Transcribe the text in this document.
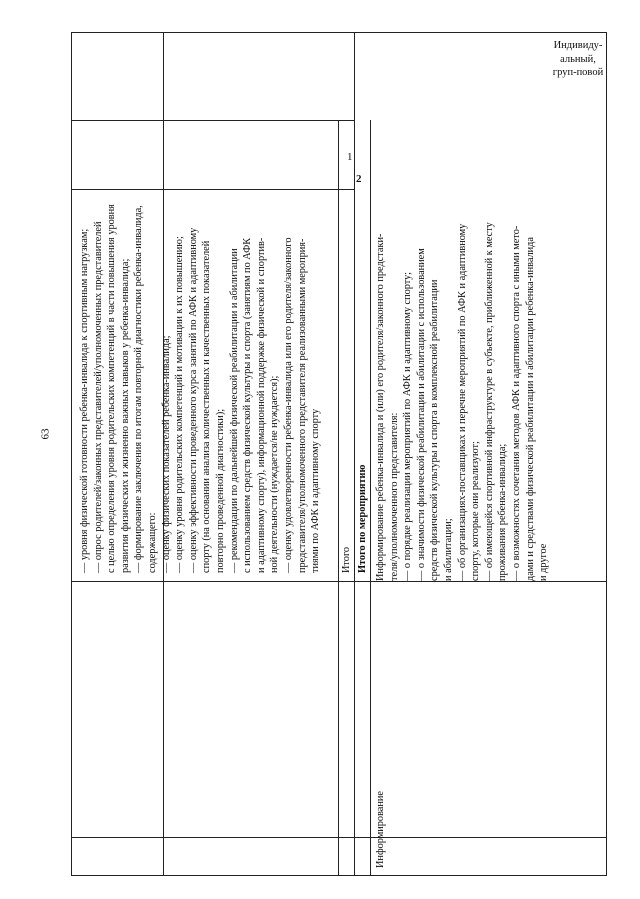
63	— уровня физической готовности ребенка-инвалида к спортивным нагрузкам; — опрос родителей/законных представителей/уполномоченных представителей с целью определения уровня родительских компетенций в части повышения уровня развития физических и жизненно важных навыков у ребенка-инвалида; — формирование заключения по итогам повторной диагностики ребенка-инвалида, содержащего: — оценку физических показателей ребенка-инвалида; — оценку уровня родительских компетенций и мотивации к их повышению; — оценку эффективности проведенного курса занятий по АФК и адаптивному спорту (на основании анализа количественных и качественных показателей повторно проведенной диагностики); — рекомендации по дальнейшей физической реабилитации и абилитации с использованием средств физической культуры и спорта (занятиям по АФК и адаптивному спорту), информационной поддержке физической и спортив- ной деятельности (нуждается/не нуждается); — оценку удовлетворенности ребенка-инвалида или его родителя/законного представителя/уполномоченного представителя реализованными мероприя- тиями по АФК и адаптивному спорту Итого Итого по мероприятию
1
2
Информирование

Информирование ребенка-инвалида и (или) его родителя/законного предстаки- теля/уполномоченного представителя: — о порядке реализации мероприятий по АФК и адаптивному спорту; — о значимости физической реабилитации и абилитации с использованием средств физической культуры и спорта в комплексной реабилитации и абилитации; — об организациях-поставщиках и перечне мероприятий по АФК и адаптивному спорту, которые они реализуют; — об имеющейся спортивной инфраструктуре в субъекте, приближенной к месту проживания ребенка-инвалида; — о возможностях сочетания методов АФК и адаптивного спорта с иными мето- дами и средствами физической реабилитации и абилитации ребенка-инвалида и другое

Индивиду-альный, груп-повой
